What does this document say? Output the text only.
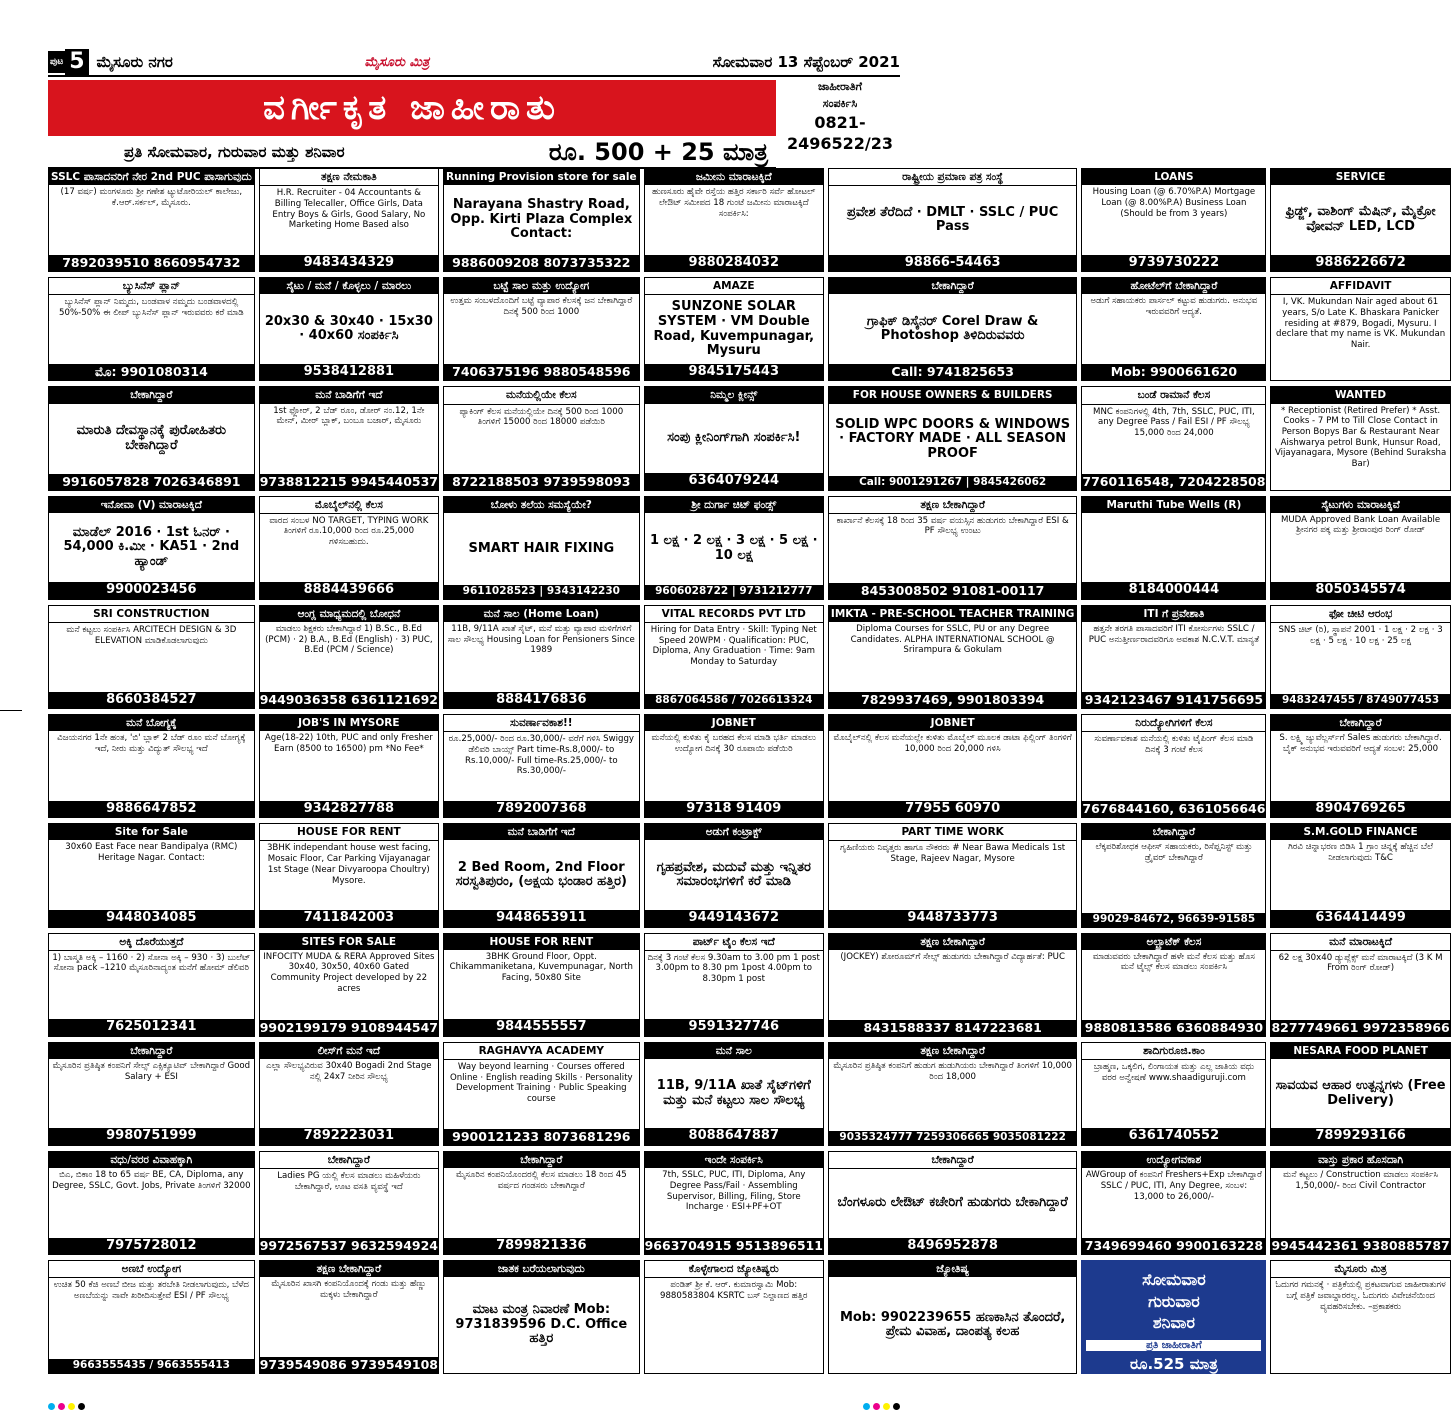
ಪುಟ 5 ಮೈಸೂರು ನಗರ	ಮೈಸೂರು ಮಿತ್ರ	ಸೋಮವಾರ 13 ಸೆಪ್ಟೆಂಬರ್ 2021
ವರ್ಗೀಕೃತ ಜಾಹೀರಾತು
ಪ್ರತಿ ಸೋಮವಾರ, ಗುರುವಾರ ಮತ್ತು ಶನಿವಾರ	ರೂ. 500 + 25 ಮಾತ್ರ
ಜಾಹೀರಾತಿಗೆ
ಸಂಪರ್ಕಿಸಿ
0821-
2496522/23
SSLC ಪಾಸಾದವರಿಗೆ ನೇರ 2nd PUC ಪಾಸಾಗುವುದು
(17 ವರ್ಷ) ಮಂಗಳೂರು ಶ್ರೀ ಗಣೇಶ ಟ್ಯುಟೋರಿಯಲ್ ಕಾಲೇಜು, ಕೆ.ಆರ್.ಸರ್ಕಲ್, ಮೈಸೂರು.
7892039510 8660954732
ತಕ್ಷಣ ನೇಮಕಾತಿ
H.R. Recruiter - 04 Accountants & Billing Telecaller, Office Girls, Data Entry Boys & Girls, Good Salary, No Marketing Home Based also
9483434329
Running Provision store for sale
Narayana Shastry Road, Opp. Kirti Plaza Complex Contact:
9886009208 8073735322
ಜಮೀನು ಮಾರಾಟಕ್ಕಿದೆ
ಹುಣಸೂರು ಹೈವೇ ರಸ್ತೆಯ ಹತ್ತಿರ ಸರ್ಕಾರಿ ಸರ್ವೆ ಹೋಟಲ್ ಲೇಔಟ್ ಸಮೀಪದ 18 ಗುಂಟೆ ಜಮೀನು ಮಾರಾಟಕ್ಕಿದೆ ಸಂಪರ್ಕಿಸಿ:
9880284032
ರಾಷ್ಟ್ರೀಯ ಪ್ರಮಾಣ ಪತ್ರ ಸಂಸ್ಥೆ
ಪ್ರವೇಶ ತೆರೆದಿದೆ · DMLT · SSLC / PUC Pass
98866-54463
LOANS
Housing Loan (@ 6.70%P.A) Mortgage Loan (@ 8.00%P.A) Business Loan (Should be from 3 years)
9739730222
SERVICE
ಫ್ರಿಡ್ಜ್, ವಾಶಿಂಗ್ ಮೆಷಿನ್, ಮೈಕ್ರೋ ವೋವನ್ LED, LCD
9886226672
ಬ್ಯುಸಿನೆಸ್ ಪ್ಲಾನ್
ಬ್ಯುಸಿನೆಸ್ ಪ್ಲಾನ್ ನಿಮ್ಮದು, ಬಂಡವಾಳ ನಮ್ಮದು ಬಂಡವಾಳದಲ್ಲಿ 50%-50% ಈ ಲೀಪ್ ಬ್ಯುಸಿನೆಸ್ ಪ್ಲಾನ್ ಇರುವವರು ಕರೆ ಮಾಡಿ
ಮೊ: 9901080314
ಸೈಟು / ಮನೆ / ಕೊಳ್ಳಲು / ಮಾರಲು
20x30 & 30x40 · 15x30 · 40x60 ಸಂಪರ್ಕಿಸಿ
9538412881
ಬಟ್ಟೆ ಸಾಲ ಮತ್ತು ಉದ್ಯೋಗ
ಉತ್ತಮ ಸಂಬಳದೊಂದಿಗೆ ಬಟ್ಟೆ ವ್ಯಾಪಾರ ಕೆಲಸಕ್ಕೆ ಜನ ಬೇಕಾಗಿದ್ದಾರೆ ದಿನಕ್ಕೆ 500 ರಿಂದ 1000
7406375196 9880548596
AMAZE
SUNZONE SOLAR SYSTEM · VM Double Road, Kuvempunagar, Mysuru
9845175443
ಬೇಕಾಗಿದ್ದಾರೆ
ಗ್ರಾಫಿಕ್ ಡಿಸೈನರ್ Corel Draw & Photoshop ತಿಳಿದಿರುವವರು
Call: 9741825653
ಹೋಟೆಲ್‌ಗೆ ಬೇಕಾಗಿದ್ದಾರೆ
ಅಡುಗೆ ಸಹಾಯಕರು ಪಾರ್ಸಲ್ ಕಟ್ಟುವ ಹುಡುಗರು. ಅನುಭವ ಇರುವವರಿಗೆ ಆದ್ಯತೆ.
Mob: 9900661620
AFFIDAVIT
I, VK. Mukundan Nair aged about 61 years, S/o Late K. Bhaskara Panicker residing at #879, Bogadi, Mysuru. I declare that my name is VK. Mukundan Nair.
ಬೇಕಾಗಿದ್ದಾರೆ
ಮಾರುತಿ ದೇವಸ್ಥಾನಕ್ಕೆ ಪುರೋಹಿತರು ಬೇಕಾಗಿದ್ದಾರೆ
9916057828 7026346891
ಮನೆ ಬಾಡಿಗೆಗೆ ಇದೆ
1st ಫ್ಲೋರ್, 2 ಬೆಡ್ ರೂಂ, ಡೋರ್ ನಂ.12, 1ನೇ ಮೇನ್, ಮೀರ್ ಬ್ಲಾಕ್, ಬಂಬೂ ಬಜಾರ್, ಮೈಸೂರು
9738812215 9945440537
ಮನೆಯಲ್ಲಿಯೇ ಕೆಲಸ
ಪ್ಯಾಕಿಂಗ್ ಕೆಲಸ ಮನೆಯಲ್ಲಿಯೇ ದಿನಕ್ಕೆ 500 ರಿಂದ 1000 ತಿಂಗಳಿಗೆ 15000 ರಿಂದ 18000 ಪಡೆಯಿರಿ
8722188503 9739598093
ನಿಮ್ಮಲ ಕ್ಲೀನ್ಸ್
ಸಂಪು ಕ್ಲೀನಿಂಗ್‌ಗಾಗಿ ಸಂಪರ್ಕಿಸಿ!
6364079244
FOR HOUSE OWNERS & BUILDERS
SOLID WPC DOORS & WINDOWS · FACTORY MADE · ALL SEASON PROOF
Call: 9001291267 | 9845426062
ಬಂಡೆ ರಾಮಾನೆ ಕೆಲಸ
MNC ಕಂಪನಿಗಳಲ್ಲಿ 4th, 7th, SSLC, PUC, ITI, any Degree Pass / Fail ESI / PF ಸೌಲಭ್ಯ 15,000 ರಿಂದ 24,000
7760116548, 7204228508
WANTED
* Receptionist (Retired Prefer) * Asst. Cooks - 7 PM to Till Close Contact in Person Bopys Bar & Restaurant Near Aishwarya petrol Bunk, Hunsur Road, Vijayanagara, Mysore (Behind Suraksha Bar)
ಇನೋವಾ (V) ಮಾರಾಟಕ್ಕಿದೆ
ಮಾಡೆಲ್ 2016 · 1st ಓನರ್ · 54,000 ಕಿ.ಮೀ · KA51 · 2nd ಹ್ಯಾಂಡ್
9900023456
ಮೊಬೈಲ್‌ನಲ್ಲಿ ಕೆಲಸ
ವಾರದ ಸಂಬಳ NO TARGET, TYPING WORK ತಿಂಗಳಿಗೆ ರೂ.10,000 ರಿಂದ ರೂ.25,000 ಗಳಿಸಬಹುದು.
8884439666
ಬೋಳು ತಲೆಯ ಸಮಸ್ಯೆಯೇ?
SMART HAIR FIXING
9611028523 | 9343142230
ಶ್ರೀ ದುರ್ಗಾ ಚಿಟ್ ಫಂಡ್ಸ್
1 ಲಕ್ಷ · 2 ಲಕ್ಷ · 3 ಲಕ್ಷ · 5 ಲಕ್ಷ · 10 ಲಕ್ಷ
9606028722 | 9731212777
ತಕ್ಷಣ ಬೇಕಾಗಿದ್ದಾರೆ
ಕಾರ್ಖಾನೆ ಕೆಲಸಕ್ಕೆ 18 ರಿಂದ 35 ವರ್ಷ ವಯಸ್ಸಿನ ಹುಡುಗರು ಬೇಕಾಗಿದ್ದಾರೆ ESI & PF ಸೌಲಭ್ಯ ಉಂಟು
8453008502 91081-00117
Maruthi Tube Wells (R)
8184000444
ಸೈಟುಗಳು ಮಾರಾಟಕ್ಕಿವೆ
MUDA Approved Bank Loan Available ಶ್ರೀನಗರ ಪಕ್ಕ ಮತ್ತು ಶ್ರೀರಾಂಪುರ ರಿಂಗ್ ರೋಡ್
8050345574
SRI CONSTRUCTION
ಮನೆ ಕಟ್ಟಲು ಸಂಪರ್ಕಿಸಿ ARCITECH DESIGN & 3D ELEVATION ಮಾಡಿಕೊಡಲಾಗುವುದು
8660384527
ಆಂಗ್ಲ ಮಾಧ್ಯಮದಲ್ಲಿ ಬೋಧನೆ
ಮಾಡಲು ಶಿಕ್ಷಕರು ಬೇಕಾಗಿದ್ದಾರೆ 1) B.Sc., B.Ed (PCM) · 2) B.A., B.Ed (English) · 3) PUC, B.Ed (PCM / Science)
9449036358 6361121692
ಮನೆ ಸಾಲ (Home Loan)
11B, 9/11A ಖಾತೆ ಸೈಟ್, ಮನೆ ಮತ್ತು ವ್ಯಾಪಾರ ಮಳಿಗೆಗಳಿಗೆ ಸಾಲ ಸೌಲಭ್ಯ Housing Loan for Pensioners Since 1989
8884176836
VITAL RECORDS PVT LTD
Hiring for Data Entry · Skill: Typing Net Speed 20WPM · Qualification: PUC, Diploma, Any Graduation · Time: 9am Monday to Saturday
8867064586 / 7026613324
IMKTA - PRE-SCHOOL TEACHER TRAINING
Diploma Courses for SSLC, PU or any Degree Candidates. ALPHA INTERNATIONAL SCHOOL @ Srirampura & Gokulam
7829937469, 9901803394
ITI ಗೆ ಪ್ರವೇಶಾತಿ
ಹತ್ತನೇ ತರಗತಿ ಪಾಸಾದವರಿಗೆ ITI ಕೋರ್ಸುಗಳು SSLC / PUC ಅನುತ್ತೀರ್ಣರಾದವರಿಗೂ ಅವಕಾಶ N.C.V.T. ಮಾನ್ಯತೆ
9342123467 9141756695
ಫೋ ಚೀಟಿ ಆರಂಭ
SNS ಚಿಟ್ (ರಿ), ಸ್ಥಾಪನೆ 2001 · 1 ಲಕ್ಷ · 2 ಲಕ್ಷ · 3 ಲಕ್ಷ · 5 ಲಕ್ಷ · 10 ಲಕ್ಷ · 25 ಲಕ್ಷ
9483247455 / 8749077453
ಮನೆ ಬೋಗ್ಯಕ್ಕೆ
ವಿಜಯನಗರ 1ನೇ ಹಂತ, 'ಬಿ' ಬ್ಲಾಕ್ 2 ಬೆಡ್ ರೂಂ ಮನೆ ಬೋಗ್ಯಕ್ಕೆ ಇದೆ, ನೀರು ಮತ್ತು ವಿದ್ಯುತ್ ಸೌಲಭ್ಯ ಇದೆ
9886647852
JOB'S IN MYSORE
Age(18-22) 10th, PUC and only Fresher Earn (8500 to 16500) pm *No Fee*
9342827788
ಸುವರ್ಣಾವಕಾಶ!!
ರೂ.25,000/- ರಿಂದ ರೂ.30,000/- ವರೆಗೆ ಗಳಿಸಿ Swiggy ಡೆಲಿವರಿ ಬಾಯ್ಸ್ Part time-Rs.8,000/- to Rs.10,000/- Full time-Rs.25,000/- to Rs.30,000/-
7892007368
JOBNET
ಮನೆಯಲ್ಲಿ ಕುಳಿತು ಕೈ ಬರಹದ ಕೆಲಸ ಮಾಡಿ ಭರ್ತಿ ಮಾಡಲು ಉದ್ಯೋಗ ದಿನಕ್ಕೆ 30 ರೂಪಾಯಿ ಪಡೆಯಿರಿ
97318 91409
JOBNET
ಮೊಬೈಲ್‌ನಲ್ಲಿ ಕೆಲಸ ಮನೆಯಲ್ಲೇ ಕುಳಿತು ಮೊಬೈಲ್ ಮೂಲಕ ಡಾಟಾ ಫಿಲ್ಲಿಂಗ್ ತಿಂಗಳಿಗೆ 10,000 ರಿಂದ 20,000 ಗಳಿಸಿ
77955 60970
ನಿರುದ್ಯೋಗಿಗಳಿಗೆ ಕೆಲಸ
ಸುವರ್ಣಾವಕಾಶ ಮನೆಯಲ್ಲಿ ಕುಳಿತು ಟೈಪಿಂಗ್ ಕೆಲಸ ಮಾಡಿ ದಿನಕ್ಕೆ 3 ಗಂಟೆ ಕೆಲಸ
7676844160, 6361056646
ಬೇಕಾಗಿದ್ದಾರೆ
S. ಲಕ್ಷ್ಮಿ ಜ್ಯುವೆಲ್ಲರ್ಸ್‌ಗೆ Sales ಹುಡುಗರು ಬೇಕಾಗಿದ್ದಾರೆ. ಬೈಕ್ ಅನುಭವ ಇರುವವರಿಗೆ ಆದ್ಯತೆ ಸಂಬಳ: 25,000
8904769265
Site for Sale
30x60 East Face near Bandipalya (RMC) Heritage Nagar. Contact:
9448034085
HOUSE FOR RENT
3BHK independant house west facing, Mosaic Floor, Car Parking Vijayanagar 1st Stage (Near Divyaroopa Choultry) Mysore.
7411842003
ಮನೆ ಬಾಡಿಗೆಗೆ ಇದೆ
2 Bed Room, 2nd Floor ಸರಸ್ವತಿಪುರಂ, (ಅಕ್ಷಯ ಭಂಡಾರ ಹತ್ತಿರ)
9448653911
ಅಡುಗೆ ಕಂಟ್ರಾಕ್ಟ್
ಗೃಹಪ್ರವೇಶ, ಮದುವೆ ಮತ್ತು ಇನ್ನಿತರ ಸಮಾರಂಭಗಳಿಗೆ ಕರೆ ಮಾಡಿ
9449143672
PART TIME WORK
ಗೃಹಿಣಿಯರು ನಿವೃತ್ತರು ಹಾಗೂ ನೌಕರರು # Near Bawa Medicals 1st Stage, Rajeev Nagar, Mysore
9448733773
ಬೇಕಾಗಿದ್ದಾರೆ
ಲೆಕ್ಕಪರಿಶೋಧಕ ಆಫೀಸ್ ಸಹಾಯಕರು, ರಿಸೆಪ್ಷನಿಸ್ಟ್ ಮತ್ತು ಡ್ರೈವರ್ ಬೇಕಾಗಿದ್ದಾರೆ
99029-84672, 96639-91585
S.M.GOLD FINANCE
ಗಿರವಿ ಚಿನ್ನಾಭರಣ ಬಿಡಿಸಿ 1 ಗ್ರಾಂ ಚಿನ್ನಕ್ಕೆ ಹೆಚ್ಚಿನ ಬೆಲೆ ನೀಡಲಾಗುವುದು T&C
6364414499
ಅಕ್ಕಿ ದೊರೆಯುತ್ತದೆ
1) ಬಾಸ್ಮತಿ ಅಕ್ಕಿ – 1160 · 2) ಸೋನಾ ಅಕ್ಕಿ – 930 · 3) ಬುಲೆಟ್ ಸೋನಾ pack –1210 ಮೈಸೂರಿನಾದ್ಯಂತ ಮನೆಗೆ ಹೋಮ್ ಡೆಲಿವರಿ
7625012341
SITES FOR SALE
INFOCITY MUDA & RERA Approved Sites 30x40, 30x50, 40x60 Gated Community Project developed by 22 acres
9902199179 9108944547
HOUSE FOR RENT
3BHK Ground Floor, Oppt. Chikammaniketana, Kuvempunagar, North Facing, 50x80 Site
9844555557
ಪಾರ್ಟ್ ಟೈಂ ಕೆಲಸ ಇದೆ
ದಿನಕ್ಕೆ 3 ಗಂಟೆ ಕೆಲಸ 9.30am to 3.00 pm 1 post 3.00pm to 8.30 pm 1post 4.00pm to 8.30pm 1 post
9591327746
ತಕ್ಷಣ ಬೇಕಾಗಿದ್ದಾರೆ
(JOCKEY) ಶೋರೂಮ್‌ಗೆ ಸೇಲ್ಸ್ ಹುಡುಗರು ಬೇಕಾಗಿದ್ದಾರೆ ವಿದ್ಯಾರ್ಹತೆ: PUC
8431588337 8147223681
ಅಲ್ಟ್ರಾಟೆಕ್ ಕೆಲಸ
ಮಾಡುವವರು ಬೇಕಾಗಿದ್ದಾರೆ ಹಳೇ ಮನೆ ಕೆಲಸ ಮತ್ತು ಹೊಸ ಮನೆ ಟೈಲ್ಸ್ ಕೆಲಸ ಮಾಡಲು ಸಂಪರ್ಕಿಸಿ
9880813586 6360884930
ಮನೆ ಮಾರಾಟಕ್ಕಿದೆ
62 ಲಕ್ಷ 30x40 ಡ್ಯುಪ್ಲೆಕ್ಸ್ ಮನೆ ಮಾರಾಟಕ್ಕಿದೆ (3 K M From ರಿಂಗ್ ರೋಡ್)
8277749661 9972358966
ಬೇಕಾಗಿದ್ದಾರೆ
ಮೈಸೂರಿನ ಪ್ರತಿಷ್ಠಿತ ಕಂಪನಿಗೆ ಸೇಲ್ಸ್ ಎಕ್ಸಿಕ್ಯೂಟಿವ್ ಬೇಕಾಗಿದ್ದಾರೆ Good Salary + ESI
9980751999
ಲೀಸ್‌ಗೆ ಮನೆ ಇದೆ
ಎಲ್ಲಾ ಸೌಲಭ್ಯವಿರುವ 30x40 Bogadi 2nd Stage ನಲ್ಲಿ 24x7 ನೀರಿನ ಸೌಲಭ್ಯ
7892223031
RAGHAVYA ACADEMY
Way beyond learning · Courses offered Online · English reading Skills · Personality Development Training · Public Speaking course
9900121233 8073681296
ಮನೆ ಸಾಲ
11B, 9/11A ಖಾತೆ ಸೈಟ್‌ಗಳಿಗೆ ಮತ್ತು ಮನೆ ಕಟ್ಟಲು ಸಾಲ ಸೌಲಭ್ಯ
8088647887
ತಕ್ಷಣ ಬೇಕಾಗಿದ್ದಾರೆ
ಮೈಸೂರಿನ ಪ್ರತಿಷ್ಠಿತ ಕಂಪನಿಗೆ ಹುಡುಗ ಹುಡುಗಿಯರು ಬೇಕಾಗಿದ್ದಾರೆ ತಿಂಗಳಿಗೆ 10,000 ರಿಂದ 18,000
9035324777 7259306665 9035081222
ಶಾದಿಗುರೂಜಿ.ಕಾಂ
ಬ್ರಾಹ್ಮಣ, ಒಕ್ಕಲಿಗ, ಲಿಂಗಾಯತ ಮತ್ತು ಎಲ್ಲ ಜಾತಿಯ ವಧು ವರರ ಅನ್ವೇಷಣೆ www.shaadiguruji.com
6361740552
NESARA FOOD PLANET
ಸಾವಯವ ಆಹಾರ ಉತ್ಪನ್ನಗಳು (Free Delivery)
7899293166
ವಧು/ವರರ ವಿವಾಹಕ್ಕಾಗಿ
ಬಿಎ, ಬಿಕಾಂ 18 to 65 ವರ್ಷ BE, CA, Diploma, any Degree, SSLC, Govt. Jobs, Private ತಿಂಗಳಿಗೆ 32000
7975728012
ಬೇಕಾಗಿದ್ದಾರೆ
Ladies PG ಯಲ್ಲಿ ಕೆಲಸ ಮಾಡಲು ಮಹಿಳೆಯರು ಬೇಕಾಗಿದ್ದಾರೆ, ಊಟ ವಸತಿ ವ್ಯವಸ್ಥೆ ಇದೆ
9972567537 9632594924
ಬೇಕಾಗಿದ್ದಾರೆ
ಮೈಸೂರಿನ ಕಂಪನಿಯೊಂದರಲ್ಲಿ ಕೆಲಸ ಮಾಡಲು 18 ರಿಂದ 45 ವರ್ಷದ ಗಂಡಸರು ಬೇಕಾಗಿದ್ದಾರೆ
7899821336
ಇಂದೇ ಸಂಪರ್ಕಿಸಿ
7th, SSLC, PUC, ITI, Diploma, Any Degree Pass/Fail · Assembling Supervisor, Billing, Filing, Store Incharge · ESI+PF+OT
9663704915 9513896511
ಬೇಕಾಗಿದ್ದಾರೆ
ಬೆಂಗಳೂರು ಲೇಔಟ್ ಕಚೇರಿಗೆ ಹುಡುಗರು ಬೇಕಾಗಿದ್ದಾರೆ
8496952878
ಉದ್ಯೋಗವಕಾಶ
AWGroup of ಕಂಪನಿಗೆ Freshers+Exp ಬೇಕಾಗಿದ್ದಾರೆ SSLC / PUC, ITI, Any Degree, ಸಂಬಳ: 13,000 to 26,000/-
7349699460 9900163228
ವಾಸ್ತು ಪ್ರಕಾರ ಹೊಸದಾಗಿ
ಮನೆ ಕಟ್ಟಲು / Construction ಮಾಡಲು ಸಂಪರ್ಕಿಸಿ 1,50,000/- ರಿಂದ Civil Contractor
9945442361 9380885787
ಅಣಬೆ ಉದ್ಯೋಗ
ಉಚಿತ 50 ಕೆಜಿ ಅಣಬೆ ಬೀಜ ಮತ್ತು ತರಬೇತಿ ನೀಡಲಾಗುವುದು, ಬೆಳೆದ ಅಣಬೆಯನ್ನು ನಾವೇ ಖರೀದಿಸುತ್ತೇವೆ ESI / PF ಸೌಲಭ್ಯ
9663555435 / 9663555413
ತಕ್ಷಣ ಬೇಕಾಗಿದ್ದಾರೆ
ಮೈಸೂರಿನ ಖಾಸಗಿ ಕಂಪನಿಯೊಂದಕ್ಕೆ ಗಂಡು ಮತ್ತು ಹೆಣ್ಣು ಮಕ್ಕಳು ಬೇಕಾಗಿದ್ದಾರೆ
9739549086 9739549108
ಜಾತಕ ಬರೆಯಲಾಗುವುದು
ಮಾಟ ಮಂತ್ರ ನಿವಾರಣೆ Mob: 9731839596 D.C. Office ಹತ್ತಿರ
ಕೊಳ್ಳೇಗಾಲದ ಜ್ಯೋತಿಷ್ಯರು
ಪಂಡಿತ್ ಶ್ರೀ ಕೆ. ಆರ್. ಕುಮಾರಸ್ವಾಮಿ Mob: 9880583804 KSRTC ಬಸ್ ನಿಲ್ದಾಣದ ಹತ್ತಿರ
ಜ್ಯೋತಿಷ್ಯ
Mob: 9902239655 ಹಣಕಾಸಿನ ತೊಂದರೆ, ಪ್ರೇಮ ವಿವಾಹ, ದಾಂಪತ್ಯ ಕಲಹ
ಸೋಮವಾರ
ಗುರುವಾರ
ಶನಿವಾರ
ಪ್ರತಿ ಜಾಹೀರಾತಿಗೆ
ರೂ.525 ಮಾತ್ರ
ಮೈಸೂರು ಮಿತ್ರ
ಓದುಗರ ಗಮನಕ್ಕೆ · ಪತ್ರಿಕೆಯಲ್ಲಿ ಪ್ರಕಟವಾಗುವ ಜಾಹೀರಾತುಗಳ ಬಗ್ಗೆ ಪತ್ರಿಕೆ ಜವಾಬ್ದಾರರಲ್ಲ. ಓದುಗರು ವಿವೇಚನೆಯಿಂದ ವ್ಯವಹರಿಸಬೇಕು. –ಪ್ರಕಾಶಕರು
